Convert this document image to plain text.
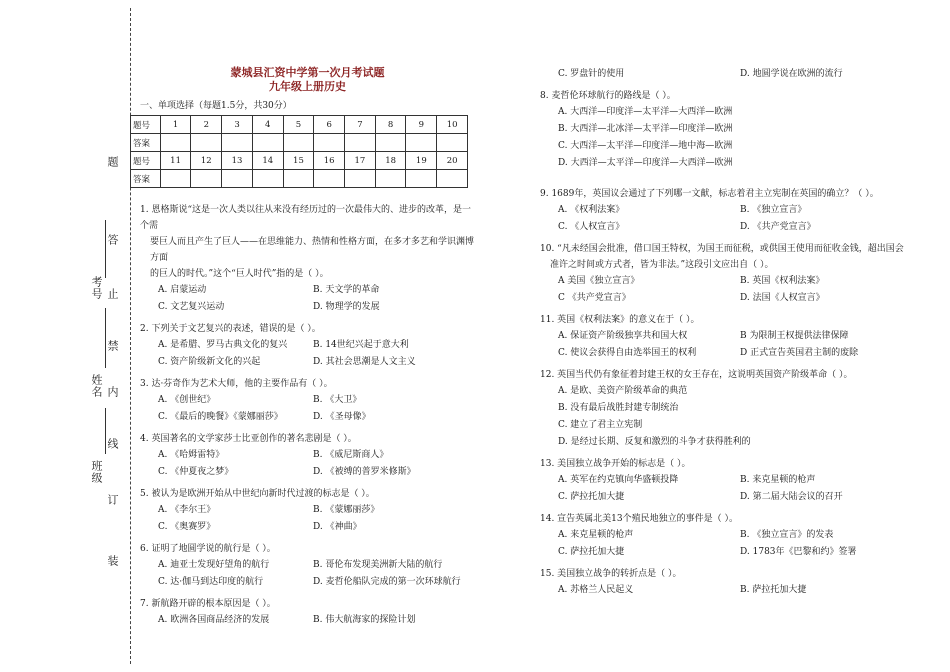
题
答
止
禁
内
线
订
装
考号
姓名
班级
蒙城县汇资中学第一次月考试题
九年级上册历史
一、单项选择（每题1.5分，共30分）
题号	1	2	3	4	5	6	7	8	9	10
答案										
题号	11	12	13	14	15	16	17	18	19	20
答案										
1. 恩格斯说“这是一次人类以往从来没有经历过的一次最伟大的、进步的改革，是一个需
要巨人而且产生了巨人——在思维能力、热情和性格方面，在多才多艺和学识渊博方面
的巨人的时代。”这个“巨人时代”指的是（ ）。
A. 启蒙运动	B. 天文学的革命
C. 文艺复兴运动	D. 物理学的发展
2. 下列关于文艺复兴的表述，错误的是（ ）。
A. 是希腊、罗马古典文化的复兴	B. 14世纪兴起于意大利
C. 资产阶级新文化的兴起	D. 其社会思潮是人文主义
3. 达·芬奇作为艺术大师，他的主要作品有（ ）。
A. 《创世纪》	B. 《大卫》
C. 《最后的晚餐》《蒙娜丽莎》	D. 《圣母像》
4. 英国著名的文学家莎士比亚创作的著名悲剧是（ ）。
A. 《哈姆雷特》	B. 《威尼斯商人》
C. 《仲夏夜之梦》	D. 《被缚的普罗米修斯》
5. 被认为是欧洲开始从中世纪向新时代过渡的标志是（ ）。
A. 《李尔王》	B. 《蒙娜丽莎》
C. 《奥赛罗》	D. 《神曲》
6. 证明了地圆学说的航行是（ ）。
A. 迪亚士发现好望角的航行	B. 哥伦布发现美洲新大陆的航行
C. 达·伽马到达印度的航行	D. 麦哲伦船队完成的第一次环球航行
7. 新航路开辟的根本原因是（ ）。
A. 欧洲各国商品经济的发展	B. 伟大航海家的探险计划
C. 罗盘针的使用	D. 地圆学说在欧洲的流行
8. 麦哲伦环球航行的路线是（ ）。
A. 大西洋—印度洋—太平洋—大西洋—欧洲
B. 大西洋—北冰洋—太平洋—印度洋—欧洲
C. 大西洋—太平洋—印度洋—地中海—欧洲
D. 大西洋—太平洋—印度洋—大西洋—欧洲
9. 1689年，英国议会通过了下列哪一文献，标志着君主立宪制在英国的确立？（ ）。
A. 《权利法案》	B. 《独立宣言》
C. 《人权宣言》	D. 《共产党宣言》
10. “凡未经国会批准，借口国王特权，为国王而征税，或供国王使用而征收金钱，超出国会
准许之时间或方式者，皆为非法。”这段引文应出自（ ）。
A 美国《独立宣言》	B. 英国《权利法案》
C 《共产党宣言》	D. 法国《人权宣言》
11. 英国《权利法案》的意义在于（ ）。
A. 保证资产阶级独享共和国大权	B 为限制王权提供法律保障
C. 使议会获得自由选举国王的权利	D 正式宣告英国君主制的废除
12. 英国当代仍有象征着封建王权的女王存在，这说明英国资产阶级革命（ ）。
A. 是欧、美资产阶级革命的典范
B. 没有最后战胜封建专制统治
C. 建立了君主立宪制
D. 是经过长期、反复和激烈的斗争才获得胜利的
13. 美国独立战争开始的标志是（ ）。
A. 英军在约克镇向华盛顿投降	B. 来克星顿的枪声
C. 萨拉托加大捷	D. 第二届大陆会议的召开
14. 宣告英属北美13个殖民地独立的事件是（ ）。
A. 来克星顿的枪声	B. 《独立宣言》的发表
C. 萨拉托加大捷	D. 1783年《巴黎和约》签署
15. 美国独立战争的转折点是（ ）。
A. 苏格兰人民起义	B. 萨拉托加大捷
